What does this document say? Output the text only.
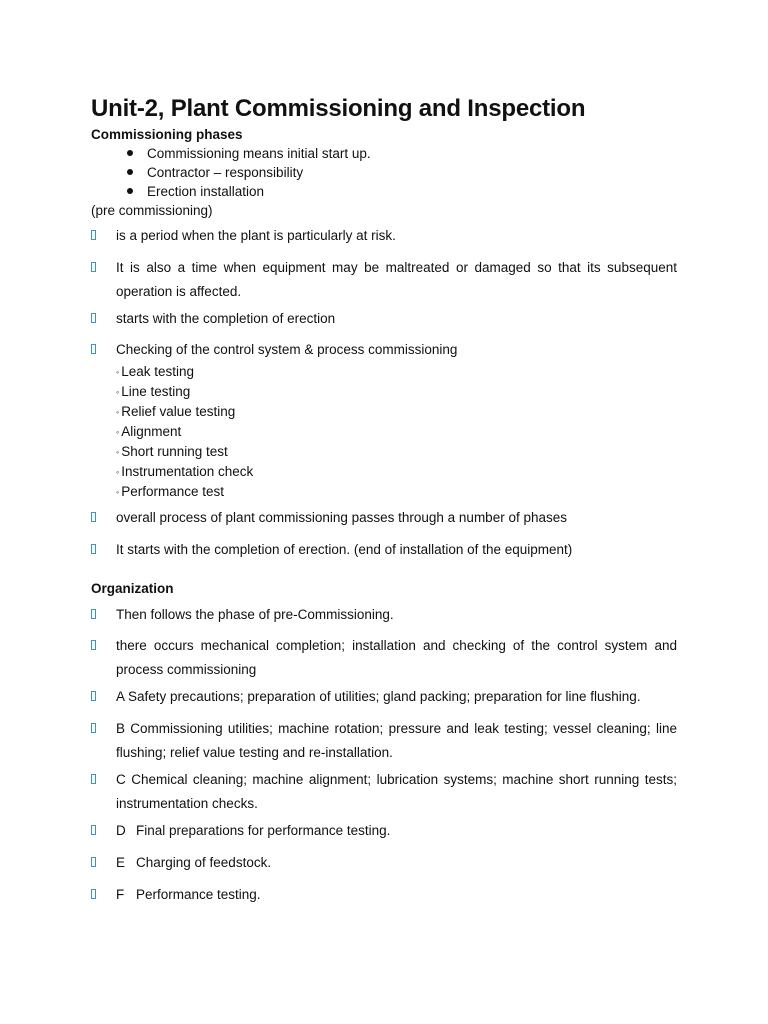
Unit-2, Plant Commissioning and Inspection
Commissioning phases
Commissioning means initial start up.
Contractor – responsibility
Erection installation

(pre commissioning)

is a period when the plant is particularly at risk.
It is also a time when equipment may be maltreated or damaged so that its subsequent operation is affected.
starts with the completion of erection
Checking of the control system & process commissioning
◦ Leak testing
◦ Line testing
◦ Relief value testing
◦ Alignment
◦ Short running test
◦ Instrumentation check
◦ Performance test
overall process of plant commissioning passes through a number of phases
It starts with the completion of erection. (end of installation of the equipment)
Organization
Then follows the phase of pre-Commissioning.
there occurs mechanical completion; installation and checking of the control system and process commissioning
A Safety precautions; preparation of utilities; gland packing; preparation for line flushing.
B Commissioning utilities; machine rotation; pressure and leak testing; vessel cleaning; line flushing; relief value testing and re-installation.
C Chemical cleaning; machine alignment; lubrication systems; machine short running tests; instrumentation checks.
D Final preparations for performance testing.
E Charging of feedstock.
F Performance testing.
